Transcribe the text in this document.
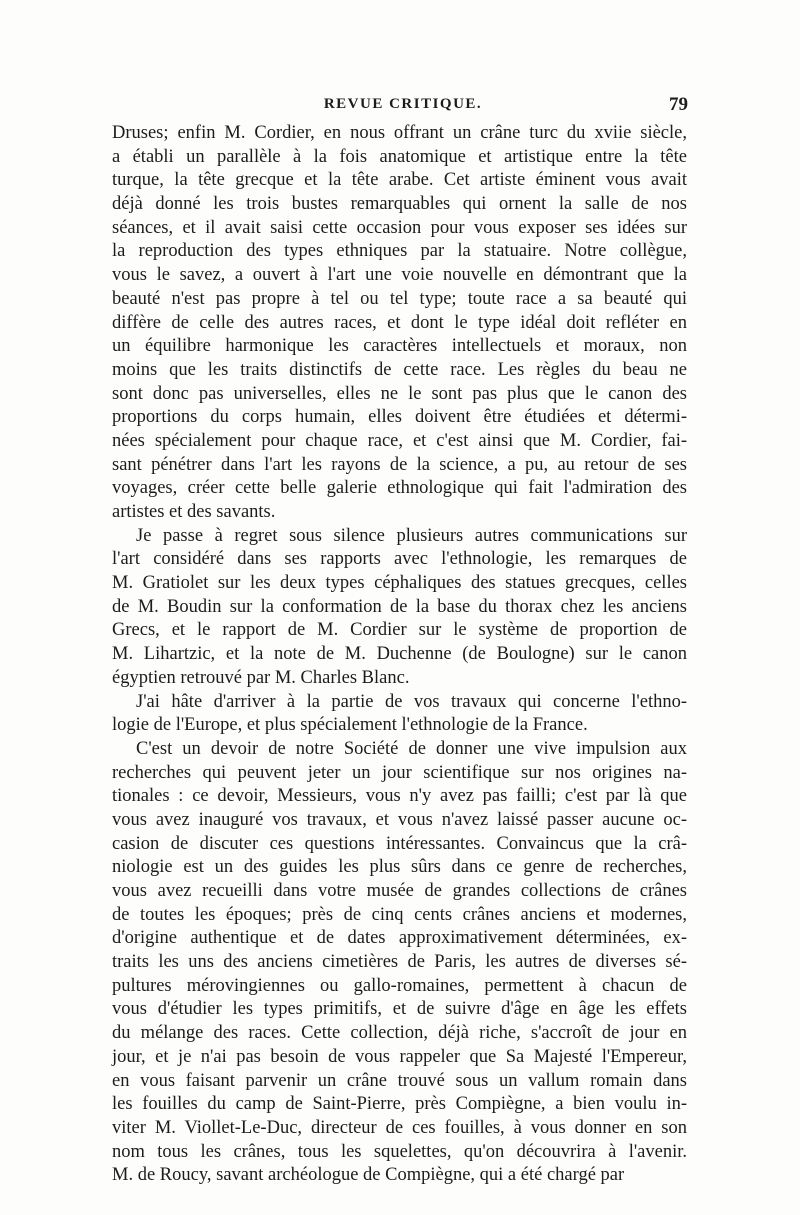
REVUE CRITIQUE.	79
Druses; enfin M. Cordier, en nous offrant un crâne turc du xviie siècle,
a établi un parallèle à la fois anatomique et artistique entre la tête
turque, la tête grecque et la tête arabe. Cet artiste éminent vous avait
déjà donné les trois bustes remarquables qui ornent la salle de nos
séances, et il avait saisi cette occasion pour vous exposer ses idées sur
la reproduction des types ethniques par la statuaire. Notre collègue,
vous le savez, a ouvert à l'art une voie nouvelle en démontrant que la
beauté n'est pas propre à tel ou tel type; toute race a sa beauté qui
diffère de celle des autres races, et dont le type idéal doit refléter en
un équilibre harmonique les caractères intellectuels et moraux, non
moins que les traits distinctifs de cette race. Les règles du beau ne
sont donc pas universelles, elles ne le sont pas plus que le canon des
proportions du corps humain, elles doivent être étudiées et détermi-
nées spécialement pour chaque race, et c'est ainsi que M. Cordier, fai-
sant pénétrer dans l'art les rayons de la science, a pu, au retour de ses
voyages, créer cette belle galerie ethnologique qui fait l'admiration des
artistes et des savants.
Je passe à regret sous silence plusieurs autres communications sur
l'art considéré dans ses rapports avec l'ethnologie, les remarques de
M. Gratiolet sur les deux types céphaliques des statues grecques, celles
de M. Boudin sur la conformation de la base du thorax chez les anciens
Grecs, et le rapport de M. Cordier sur le système de proportion de
M. Lihartzic, et la note de M. Duchenne (de Boulogne) sur le canon
égyptien retrouvé par M. Charles Blanc.
J'ai hâte d'arriver à la partie de vos travaux qui concerne l'ethno-
logie de l'Europe, et plus spécialement l'ethnologie de la France.
C'est un devoir de notre Société de donner une vive impulsion aux
recherches qui peuvent jeter un jour scientifique sur nos origines na-
tionales : ce devoir, Messieurs, vous n'y avez pas failli; c'est par là que
vous avez inauguré vos travaux, et vous n'avez laissé passer aucune oc-
casion de discuter ces questions intéressantes. Convaincus que la crâ-
niologie est un des guides les plus sûrs dans ce genre de recherches,
vous avez recueilli dans votre musée de grandes collections de crânes
de toutes les époques; près de cinq cents crânes anciens et modernes,
d'origine authentique et de dates approximativement déterminées, ex-
traits les uns des anciens cimetières de Paris, les autres de diverses sé-
pultures mérovingiennes ou gallo-romaines, permettent à chacun de
vous d'étudier les types primitifs, et de suivre d'âge en âge les effets
du mélange des races. Cette collection, déjà riche, s'accroît de jour en
jour, et je n'ai pas besoin de vous rappeler que Sa Majesté l'Empereur,
en vous faisant parvenir un crâne trouvé sous un vallum romain dans
les fouilles du camp de Saint-Pierre, près Compiègne, a bien voulu in-
viter M. Viollet-Le-Duc, directeur de ces fouilles, à vous donner en son
nom tous les crânes, tous les squelettes, qu'on découvrira à l'avenir.
M. de Roucy, savant archéologue de Compiègne, qui a été chargé par
